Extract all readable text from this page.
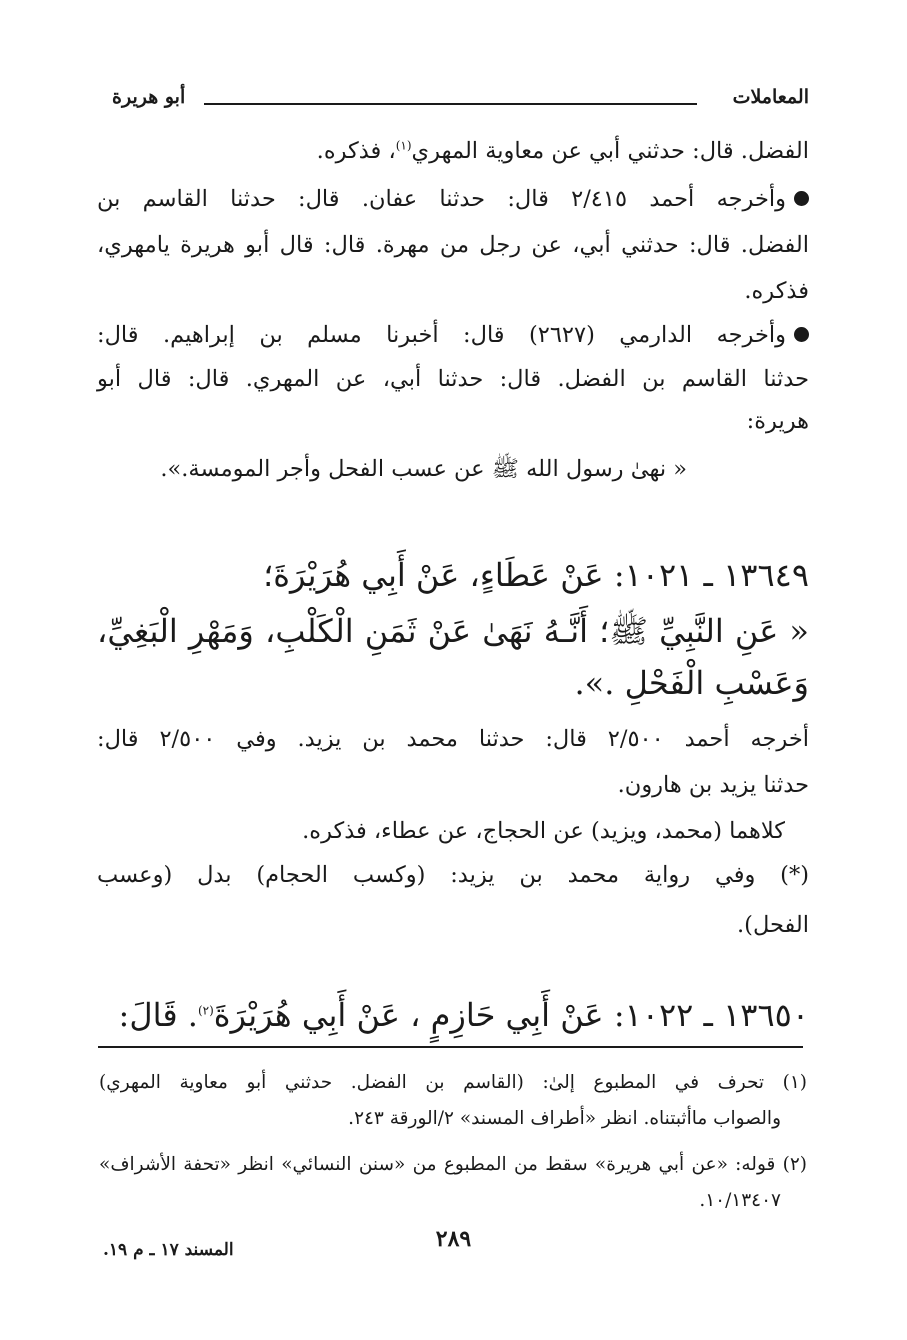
المعاملات
أبو هريرة
الفضل. قال: حدثني أبي عن معاوية المهري$^{(١)}$، فذكره.
وأخرجه أحمد ٢/٤١٥ قال: حدثنا عفان. قال: حدثنا القاسم بن
الفضل. قال: حدثني أبي، عن رجل من مهرة. قال: قال أبو هريرة يامهري،
فذكره.
وأخرجه الدارمي (٢٦٢٧) قال: أخبرنا مسلم بن إبراهيم. قال:
حدثنا القاسم بن الفضل. قال: حدثنا أبي، عن المهري. قال: قال أبو
هريرة:
« نهىٰ رسول الله ﷺ عن عسب الفحل وأجر المومسة.».
١٣٦٤٩ ـ ١٠٢١: عَنْ عَطَاءٍ، عَنْ أَبِي هُرَيْرَةَ؛
« عَنِ النَّبِيِّ ﷺ؛ أَنَّـهُ نَهَىٰ عَنْ ثَمَنِ الْكَلْبِ، وَمَهْرِ الْبَغِيِّ،
وَعَسْبِ الْفَحْلِ .».
أخرجه أحمد ٢/٥٠٠ قال: حدثنا محمد بن يزيد. وفي ٢/٥٠٠ قال:
حدثنا يزيد بن هارون.
كلاهما (محمد، ويزيد) عن الحجاج، عن عطاء، فذكره.
(*) وفي رواية محمد بن يزيد: (وكسب الحجام) بدل (وعسب
الفحل).
١٣٦٥٠ ـ ١٠٢٢: عَنْ أَبِي حَازِمٍ ، عَنْ أَبِي هُرَيْرَةَ$^{(٢)}$. قَالَ:
(١) تحرف في المطبوع إلىٰ: (القاسم بن الفضل. حدثني أبو معاوية المهري)
والصواب ماأثبتناه. انظر «أطراف المسند» ٢/الورقة ٢٤٣.
(٢) قوله: «عن أبي هريرة» سقط من المطبوع من «سنن النسائي» انظر «تحفة الأشراف»
١٠/١٣٤٠٧.
٢٨٩
المسند ١٧ ـ م ١٩.
